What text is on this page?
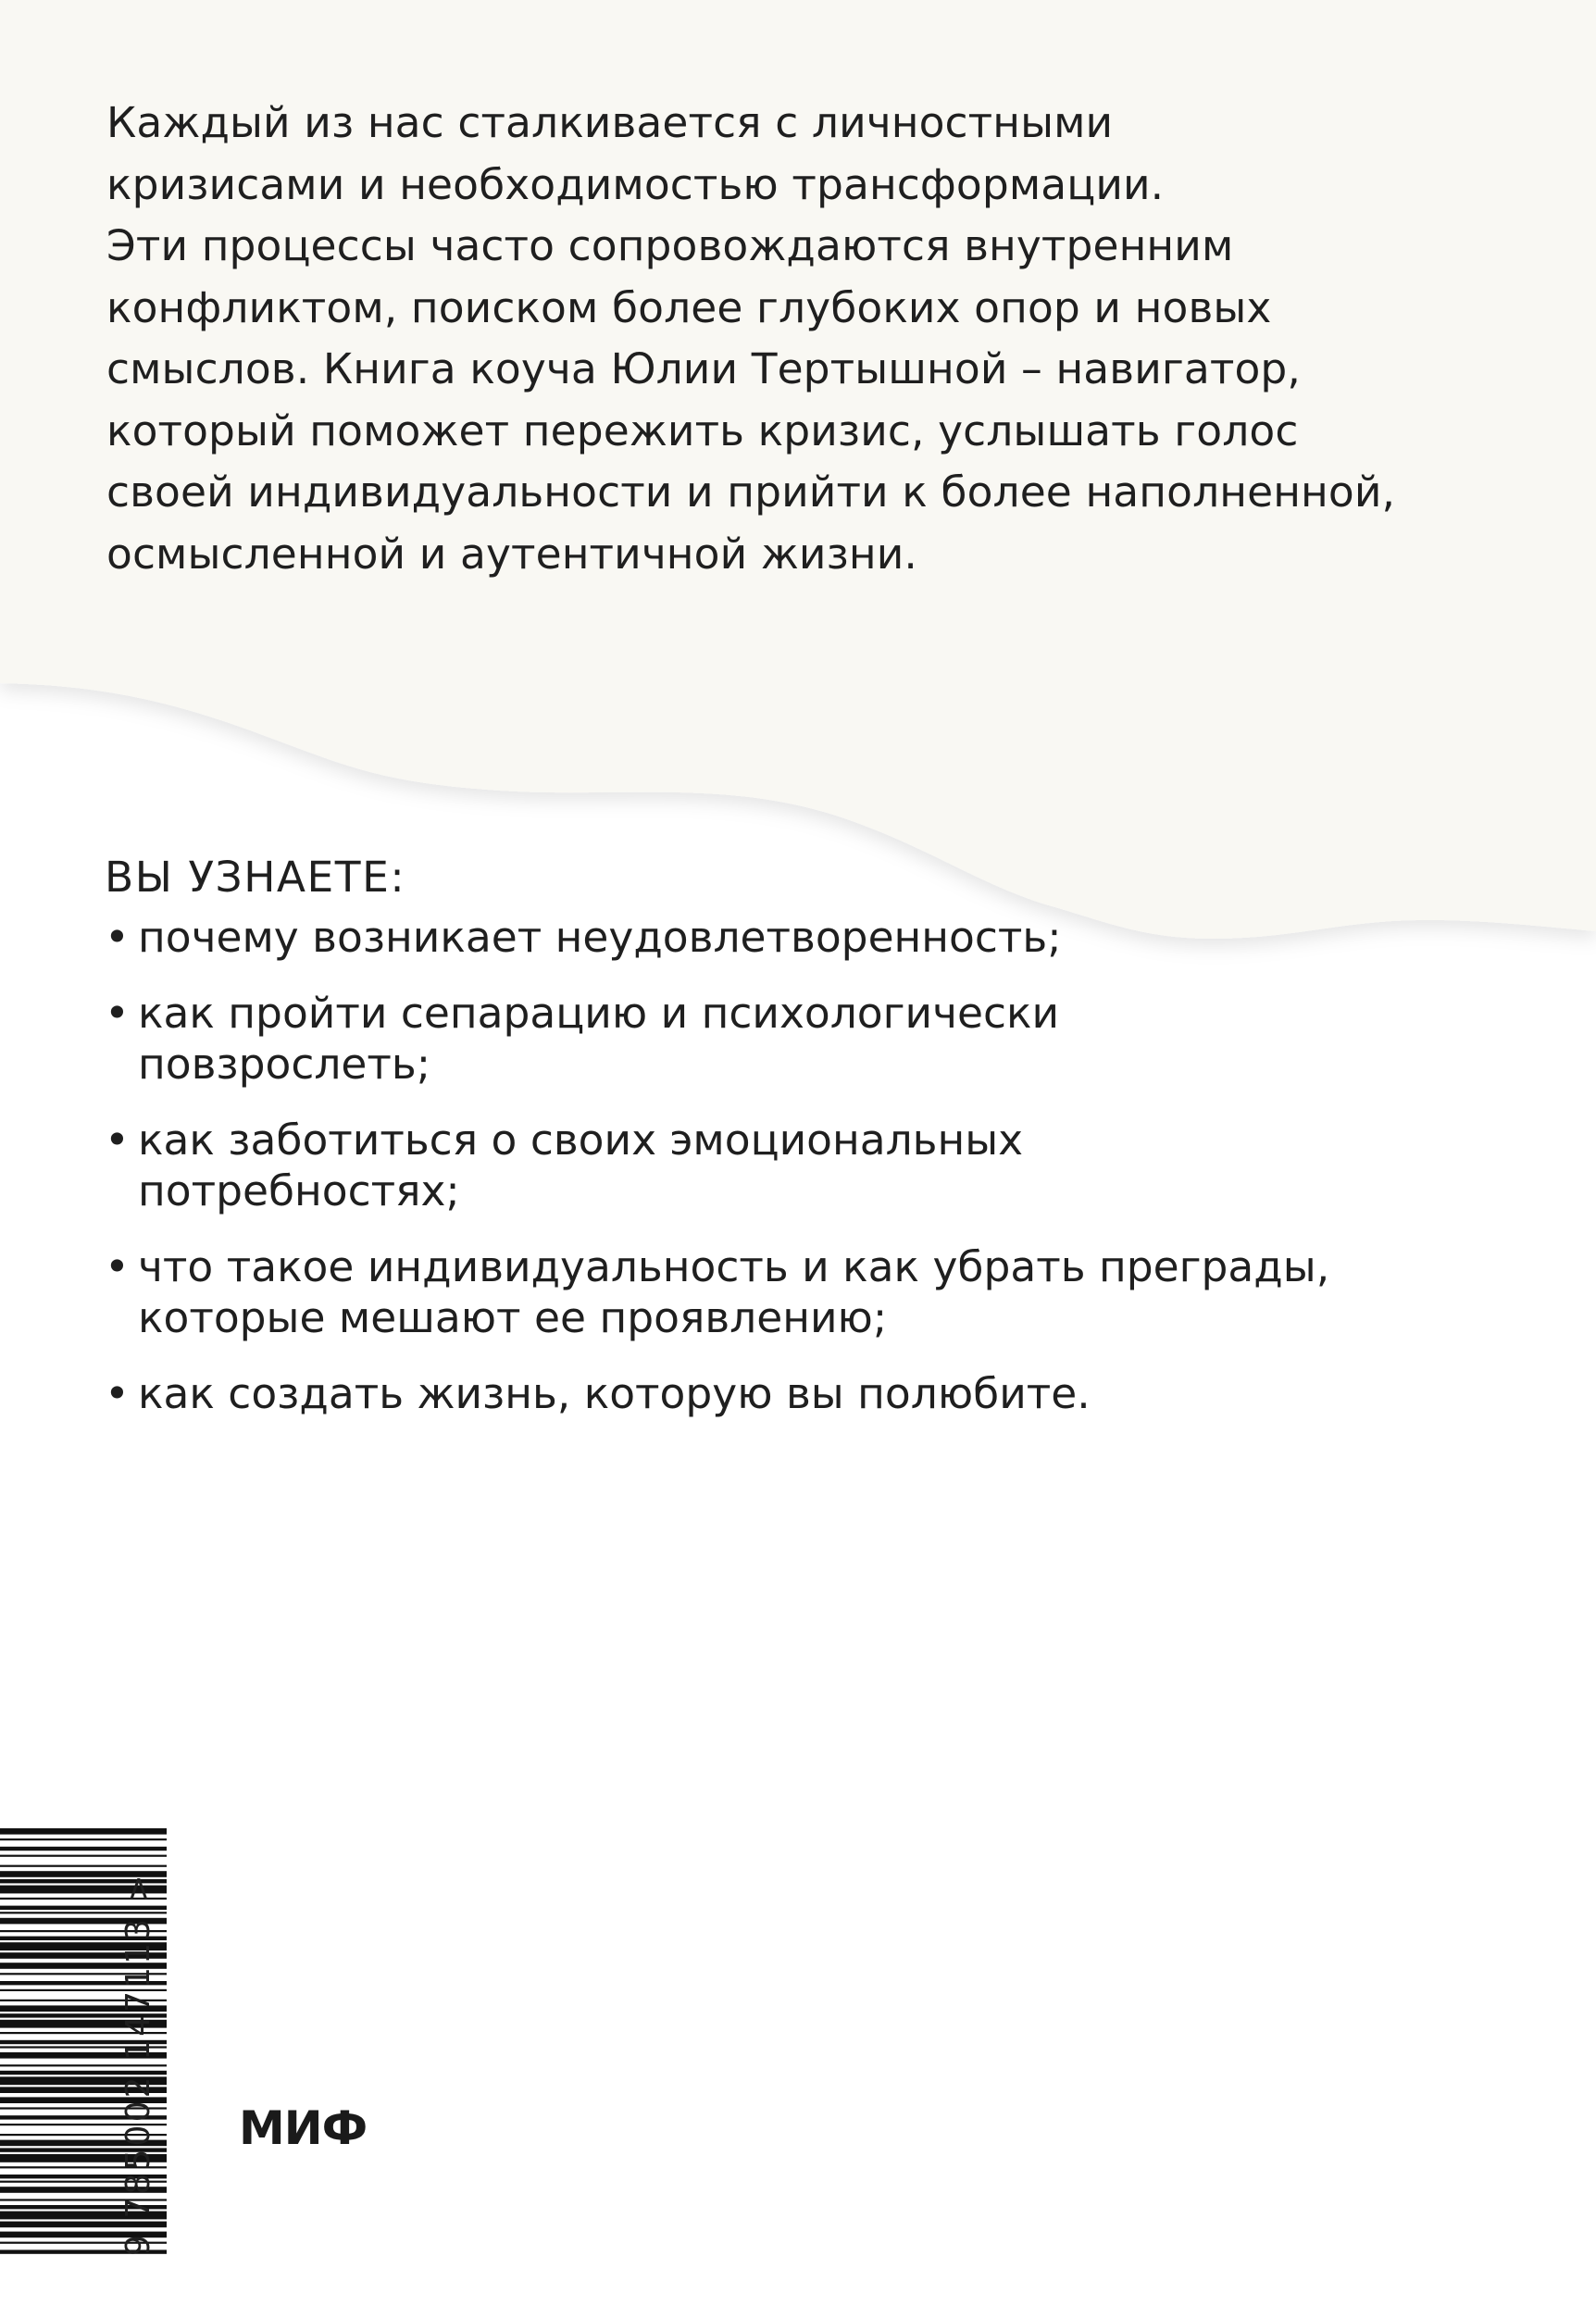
Каждый из нас сталкивается с личностными
кризисами и необходимостью трансформации.
Эти процессы часто сопровождаются внутренним
конфликтом, поиском более глубоких опор и новых
смыслов. Книга коуча Юлии Тертышной – навигатор,
который поможет пережить кризис, услышать голос
своей индивидуальности и прийти к более наполненной,
осмысленной и аутентичной жизни.
ВЫ УЗНАЕТЕ:
• почему возникает неудовлетворенность;
• как пройти сепарацию и психологически
повзрослеть;
• как заботиться о своих эмоциональных
потребностях;
• что такое индивидуальность и как убрать преграды,
которые мешают ее проявлению;
• как создать жизнь, которую вы полюбите.
9 785002 147113 > МИФ
